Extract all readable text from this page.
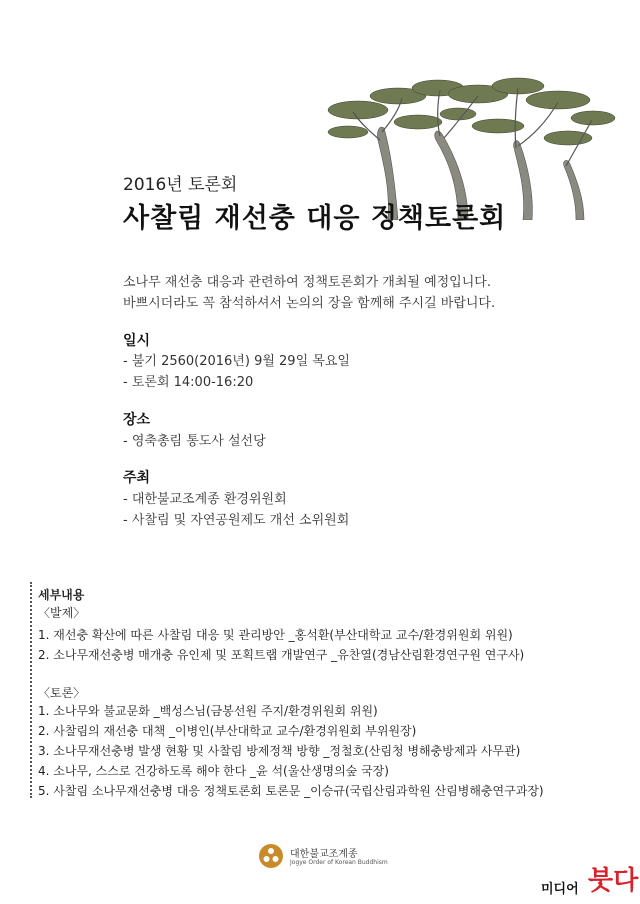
2016년 토론회
사찰림 재선충 대응 정책토론회
소나무 재선충 대응과 관련하여 정책토론회가 개최될 예정입니다.
바쁘시더라도 꼭 참석하셔서 논의의 장을 함께해 주시길 바랍니다.
일시
- 불기 2560(2016년) 9월 29일 목요일
- 토론회 14:00-16:20
장소
- 영축총림 통도사 설선당
주최
- 대한불교조계종 환경위원회
- 사찰림 및 자연공원제도 개선 소위원회
세부내용
〈발제〉
1. 재선충 확산에 따른 사찰림 대응 및 관리방안 _홍석환(부산대학교 교수/환경위원회 위원)
2. 소나무재선충병 매개충 유인제 및 포획트랩 개발연구 _유찬열(경남산림환경연구원 연구사)
〈토론〉
1. 소나무와 불교문화 _백성스님(금봉선원 주지/환경위원회 위원)
2. 사찰림의 재선충 대책 _이병인(부산대학교 교수/환경위원회 부위원장)
3. 소나무재선충병 발생 현황 및 사찰림 방제정책 방향 _정철호(산림청 병해충방제과 사무관)
4. 소나무, 스스로 건강하도록 해야 한다 _윤 석(울산생명의숲 국장)
5. 사찰림 소나무재선충병 대응 정책토론회 토론문 _이승규(국립산림과학원 산림병해충연구과장)
대한불교조계종
Jogye Order of Korean Buddhism
미디어 붓다
